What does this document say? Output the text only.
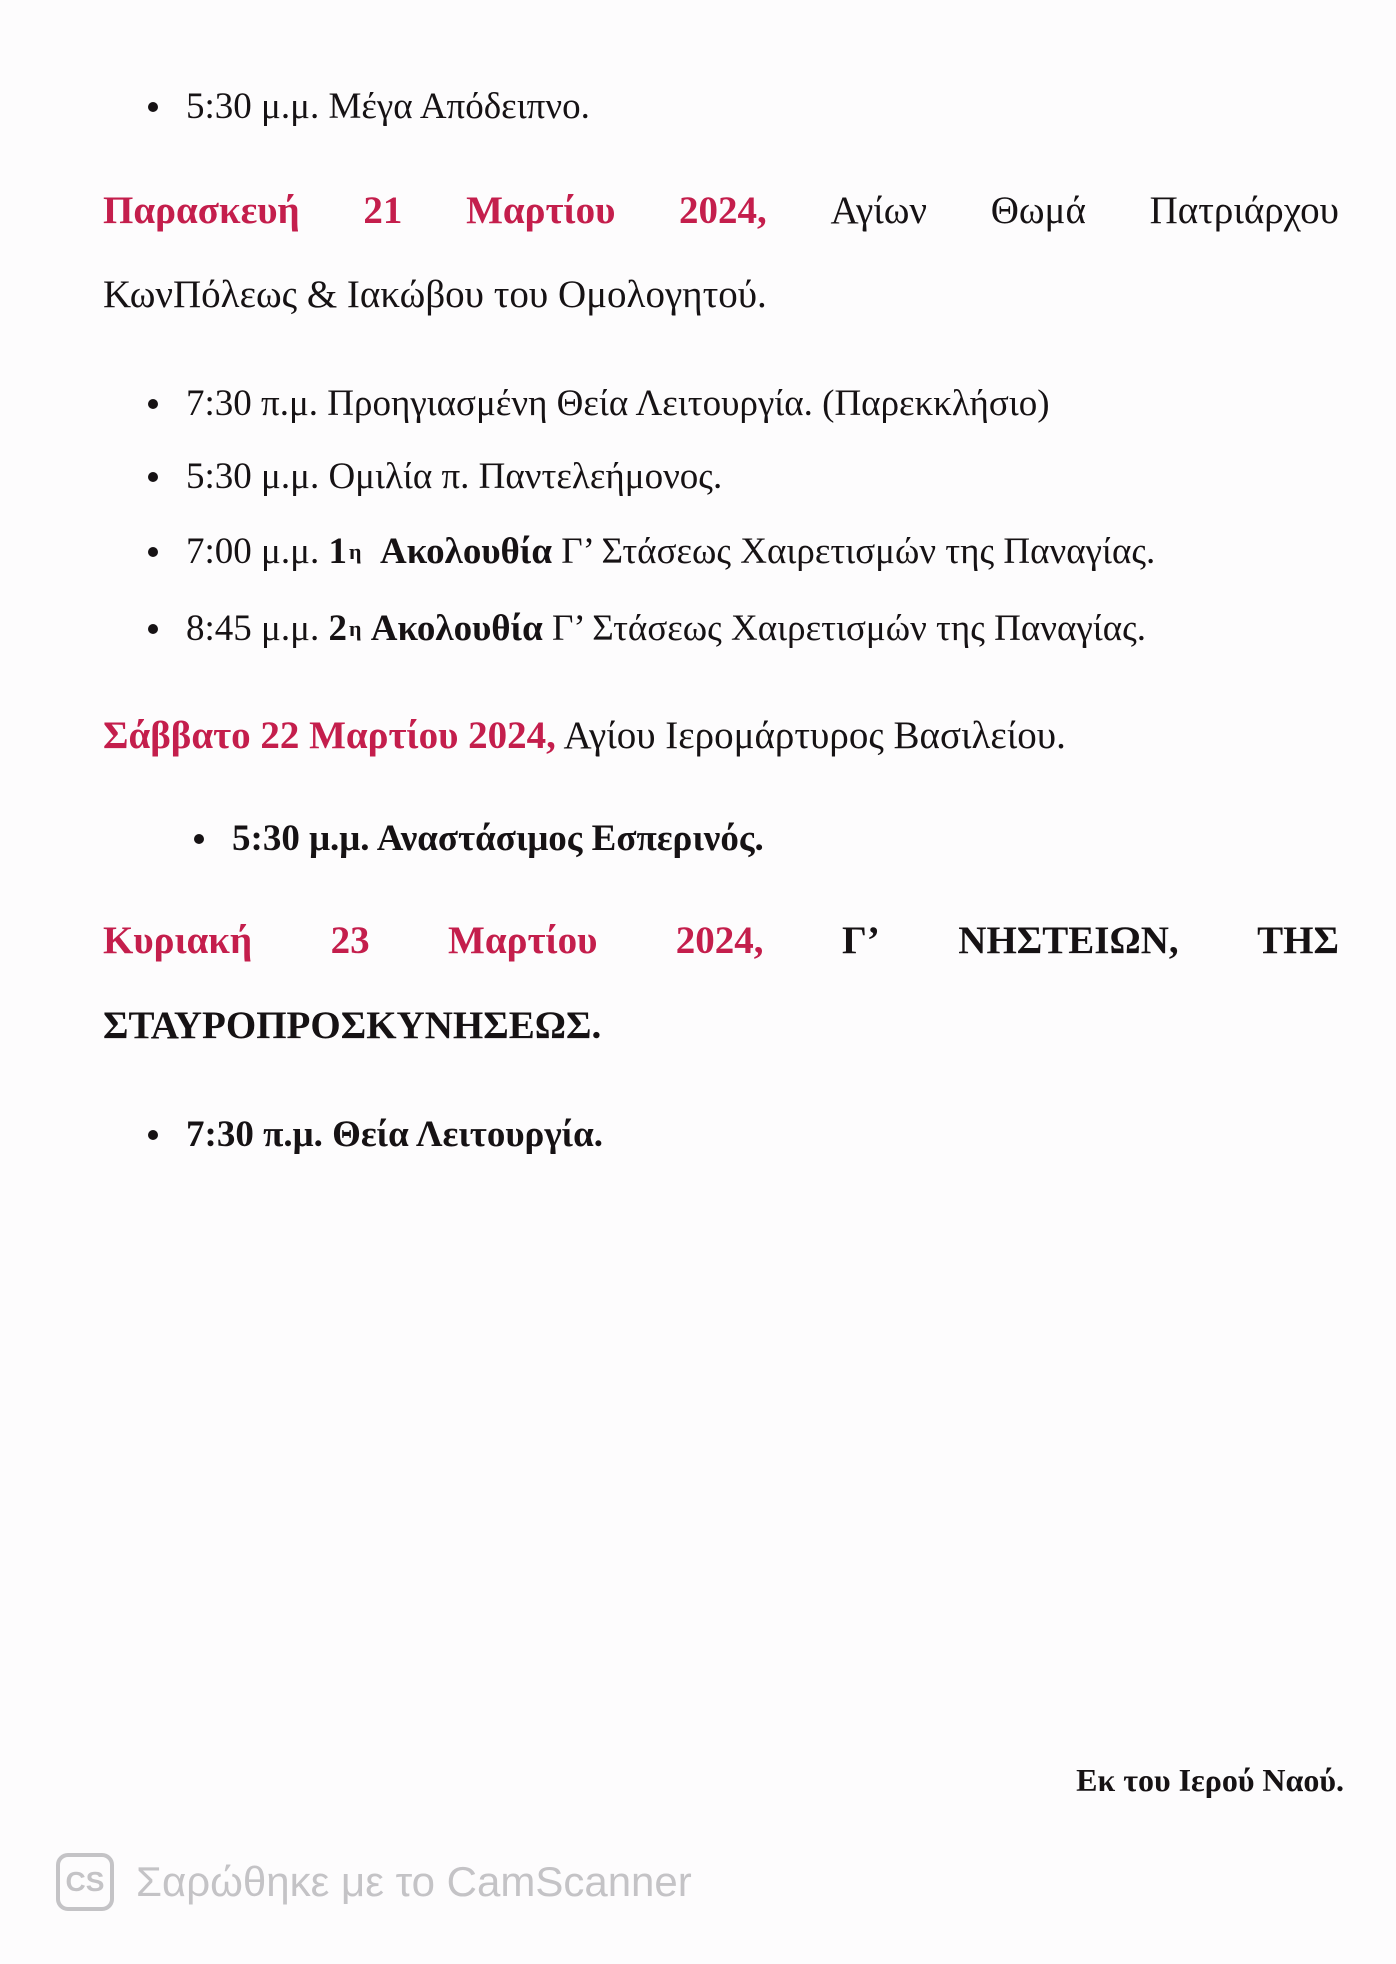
5:30 μ.μ. Μέγα Απόδειπνο.
Παρασκευή 21 Μαρτίου 2024, Αγίων Θωμά Πατριάρχου
ΚωνΠόλεως & Ιακώβου του Ομολογητού.
7:30 π.μ. Προηγιασμένη Θεία Λειτουργία. (Παρεκκλήσιο)
5:30 μ.μ. Ομιλία π. Παντελεήμονος.
7:00 μ.μ.
1 η
Ακολουθία
Γ’ Στάσεως Χαιρετισμών της Παναγίας.
8:45 μ.μ.
2 η
Ακολουθία
Γ’ Στάσεως Χαιρετισμών της Παναγίας.
Σάββατο 22 Μαρτίου 2024, Αγίου Ιερομάρτυρος Βασιλείου.
5:30 μ.μ. Αναστάσιμος Εσπερινός.
Κυριακή 23 Μαρτίου 2024, Γ’ ΝΗΣΤΕΙΩΝ, ΤΗΣ
ΣΤΑΥΡΟΠΡΟΣΚΥΝΗΣΕΩΣ.
7:30 π.μ. Θεία Λειτουργία.
Εκ του Ιερού Ναού.
CS Σαρώθηκε με το CamScanner
